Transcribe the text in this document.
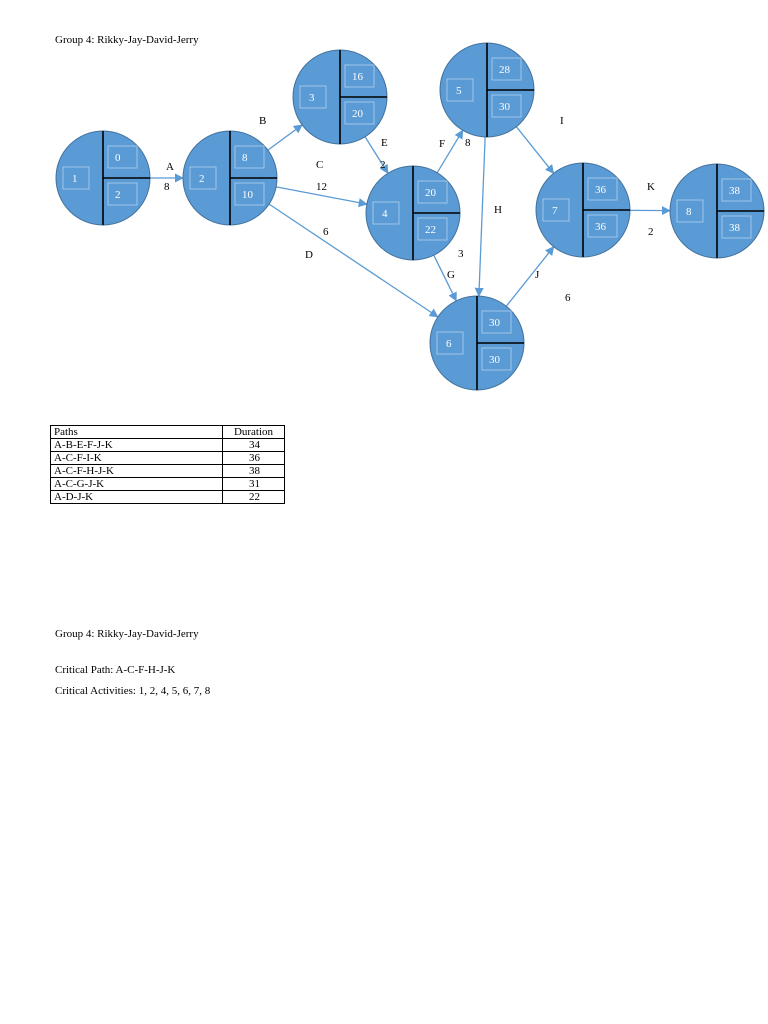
Group 4: Rikky-Jay-David-Jerry
1
0
2
2
8
10
3
16
20
4
20
22
5
28
30
6
30
30
7
36
36
8
38
38
A
8
B
C
12
D
6
E
2
F 8
G
3
H
I
J
6
K
2
Paths	Duration
A-B-E-F-J-K	34
A-C-F-I-K	36
A-C-F-H-J-K	38
A-C-G-J-K	31
A-D-J-K	22
Group 4: Rikky-Jay-David-Jerry
Critical Path: A-C-F-H-J-K
Critical Activities: 1, 2, 4, 5, 6, 7, 8
